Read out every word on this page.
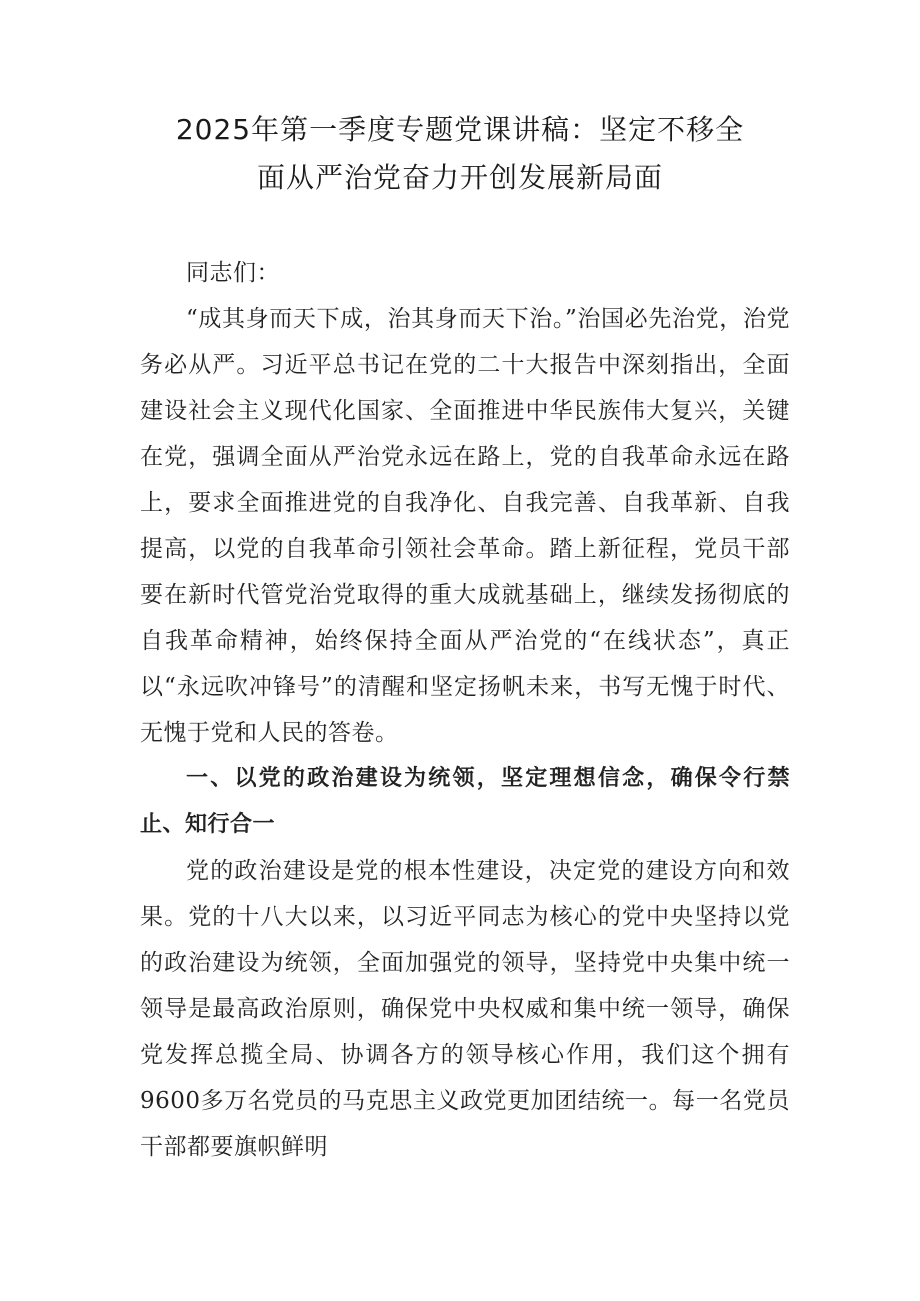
2025年第一季度专题党课讲稿：坚定不移全
面从严治党奋力开创发展新局面

同志们：

“成其身而天下成，治其身而天下治。”治国必先治党，治党务必从严。习近平总书记在党的二十大报告中深刻指出，全面建设社会主义现代化国家、全面推进中华民族伟大复兴，关键在党，强调全面从严治党永远在路上，党的自我革命永远在路上，要求全面推进党的自我净化、自我完善、自我革新、自我提高，以党的自我革命引领社会革命。踏上新征程，党员干部要在新时代管党治党取得的重大成就基础上，继续发扬彻底的自我革命精神，始终保持全面从严治党的“在线状态”，真正以“永远吹冲锋号”的清醒和坚定扬帆未来，书写无愧于时代、无愧于党和人民的答卷。

一、以党的政治建设为统领，坚定理想信念，确保令行禁止、知行合一

党的政治建设是党的根本性建设，决定党的建设方向和效果。党的十八大以来，以习近平同志为核心的党中央坚持以党的政治建设为统领，全面加强党的领导，坚持党中央集中统一领导是最高政治原则，确保党中央权威和集中统一领导，确保党发挥总揽全局、协调各方的领导核心作用，我们这个拥有9600多万名党员的马克思主义政党更加团结统一。每一名党员干部都要旗帜鲜明
